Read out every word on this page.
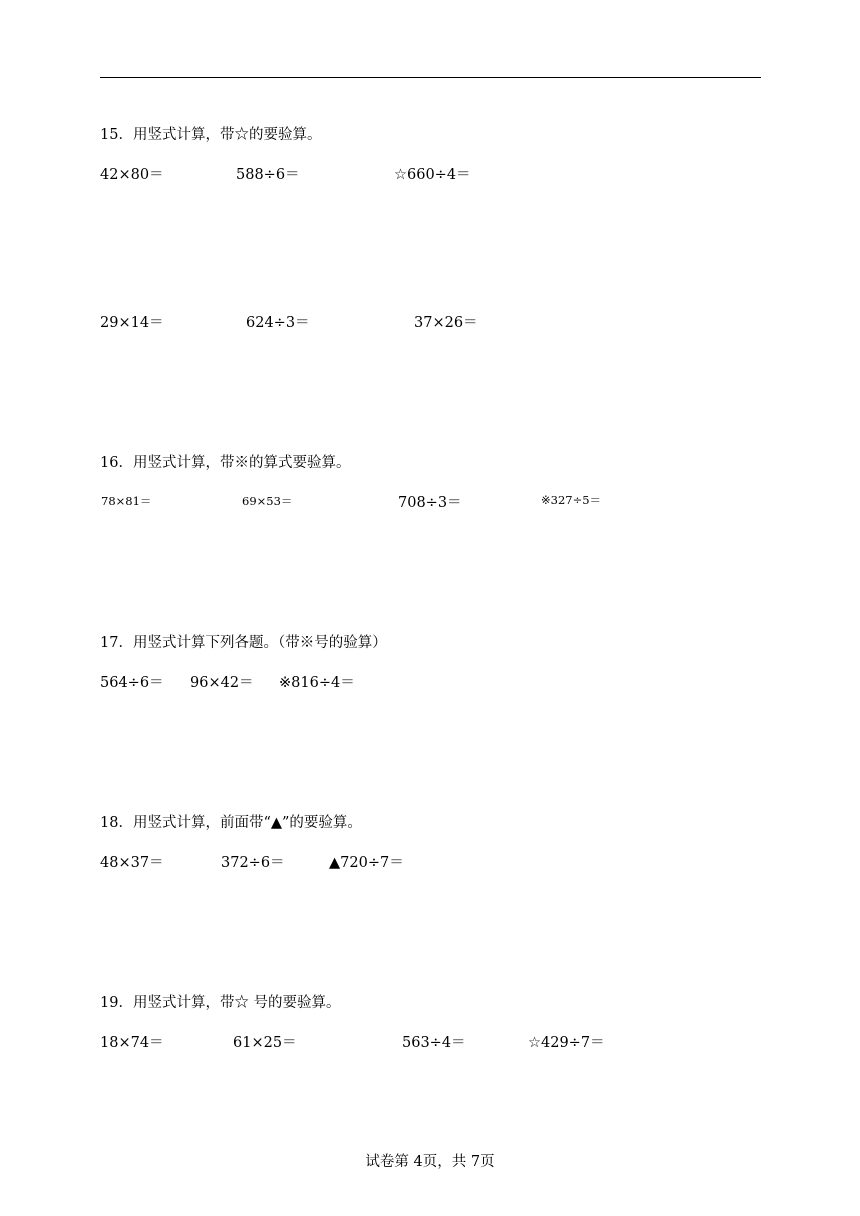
15．用竖式计算，带☆的要验算。
42×80＝	588÷6＝	☆660÷4＝
29×14＝	624÷3＝	37×26＝
16．用竖式计算，带※的算式要验算。
78×81＝	69×53＝	708÷3＝	※327÷5＝
17．用竖式计算下列各题。（带※号的验算）
564÷6＝ 96×42＝ ※816÷4＝
18．用竖式计算，前面带“▲”的要验算。
48×37＝	372÷6＝	▲720÷7＝
19．用竖式计算，带☆ 号的要验算。
18×74＝	61×25＝	563÷4＝	☆429÷7＝
试卷第 4页，共 7页
